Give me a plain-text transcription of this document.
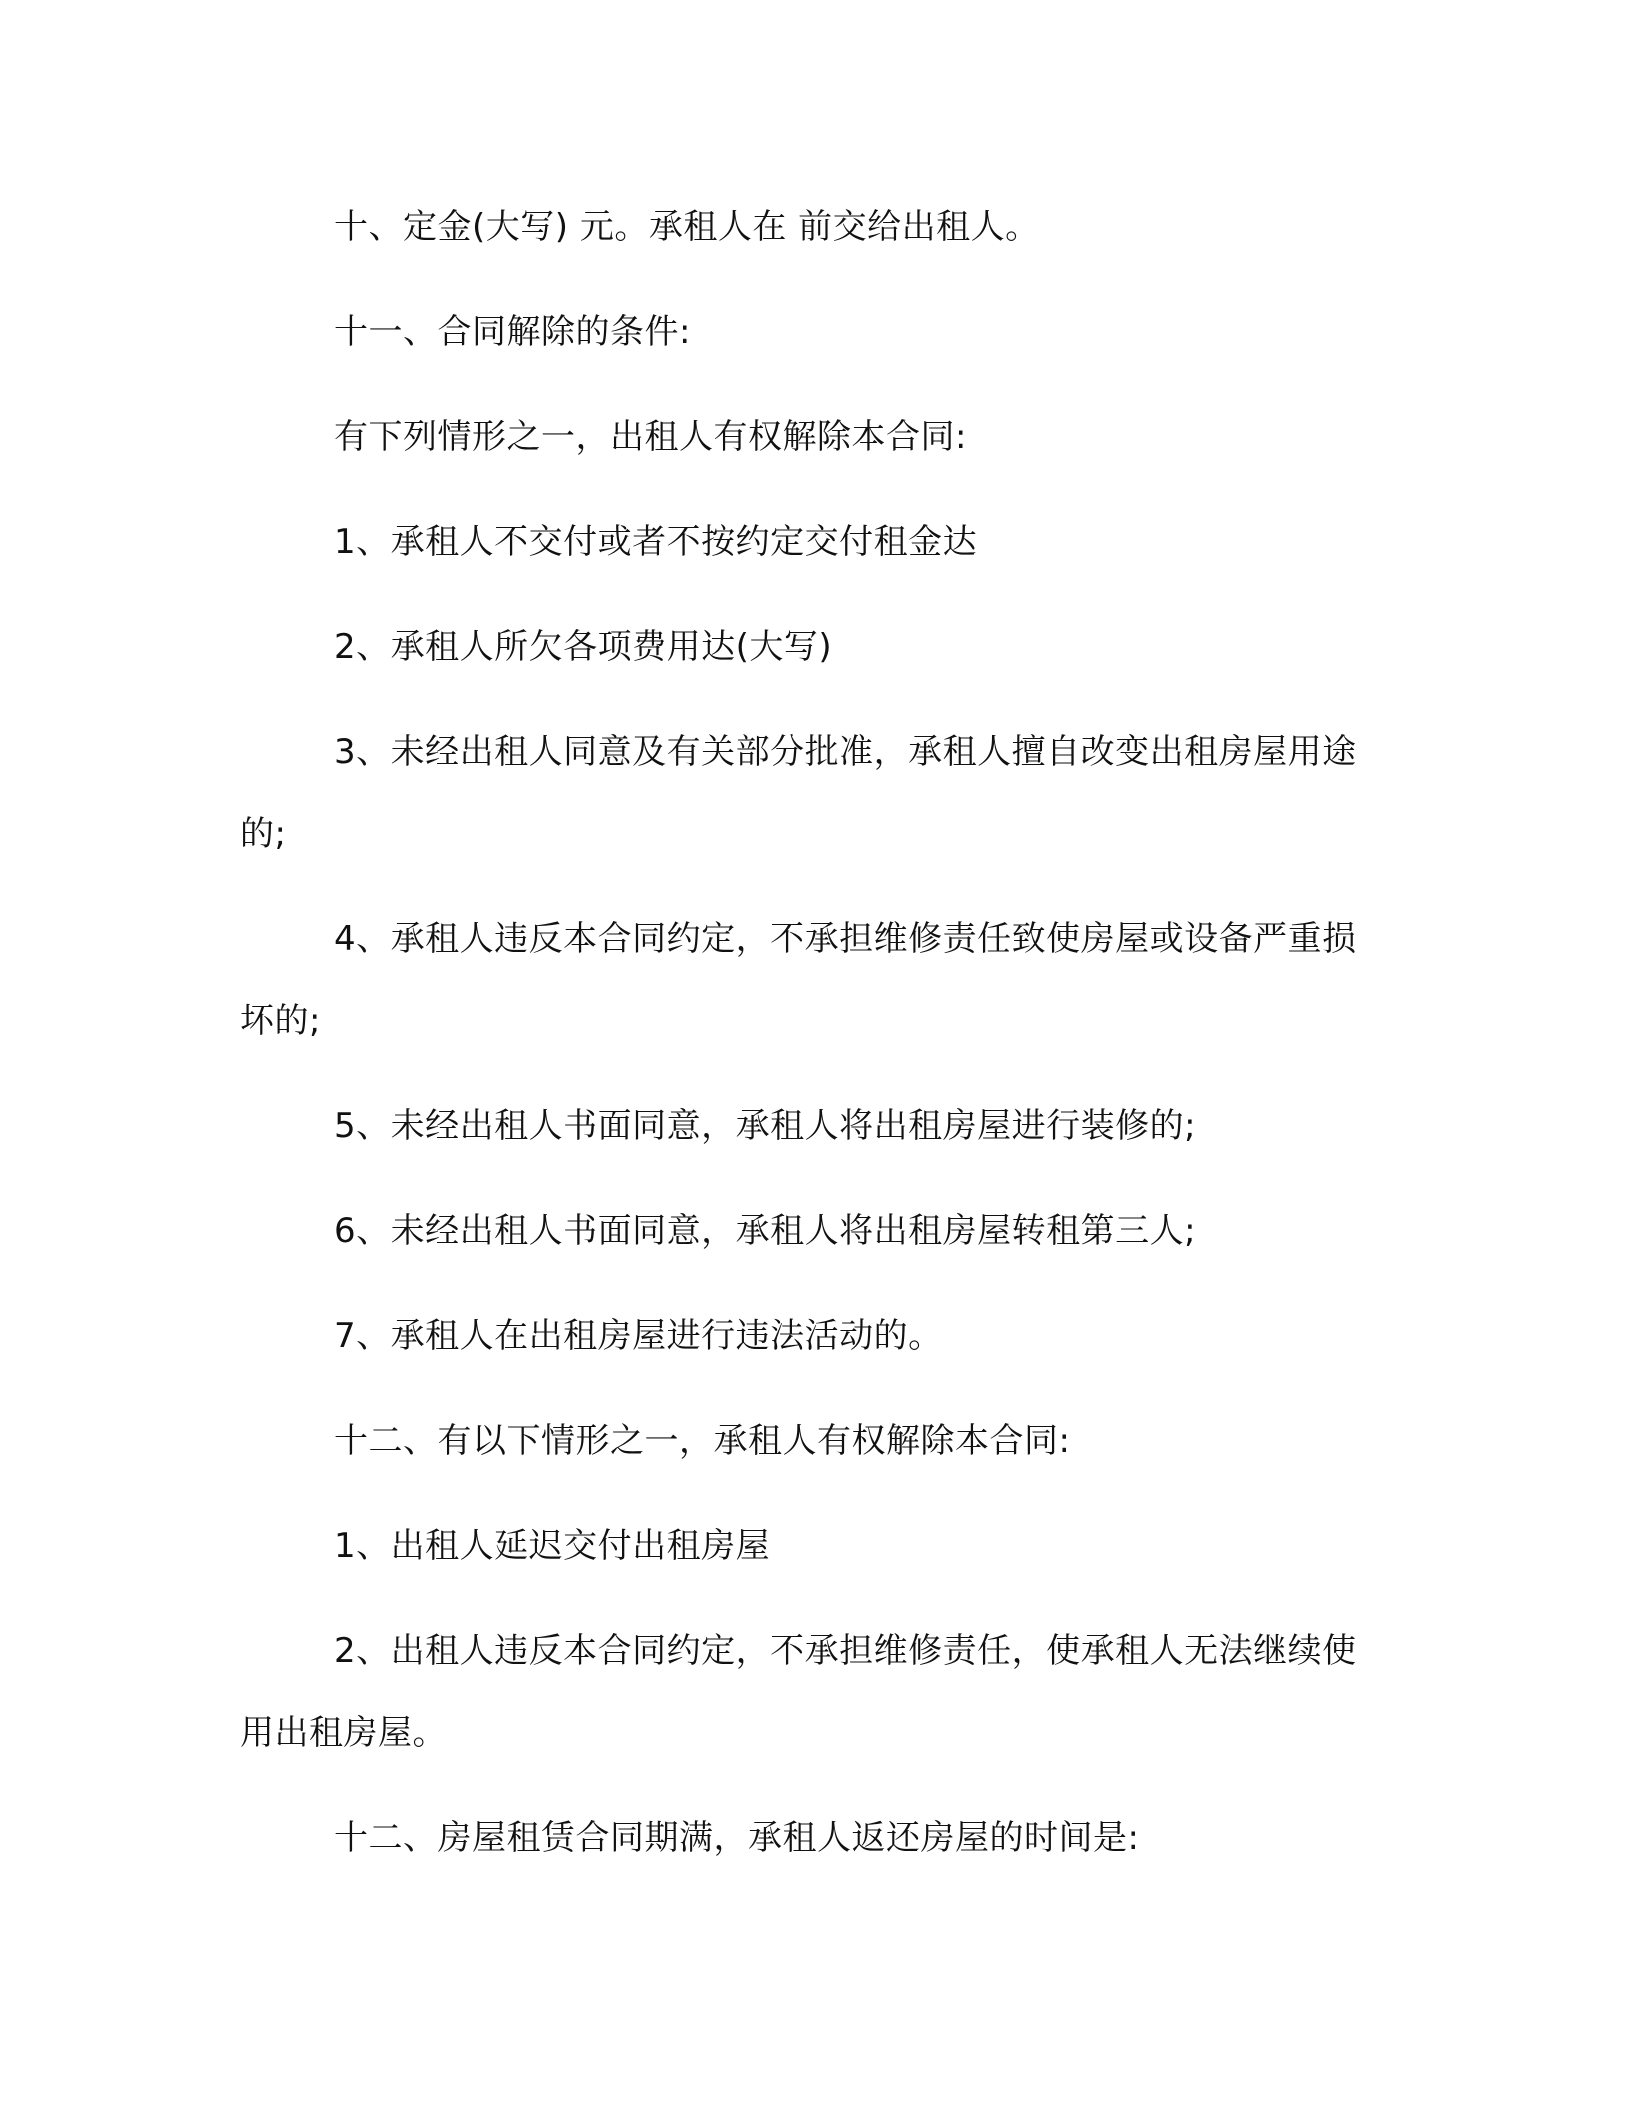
十、定金(大写) 元。承租人在 前交给出租人。

十一、合同解除的条件:

有下列情形之一，出租人有权解除本合同:

1、承租人不交付或者不按约定交付租金达

2、承租人所欠各项费用达(大写)

3、未经出租人同意及有关部分批准，承租人擅自改变出租房屋用途的;

4、承租人违反本合同约定，不承担维修责任致使房屋或设备严重损坏的;

5、未经出租人书面同意，承租人将出租房屋进行装修的;

6、未经出租人书面同意，承租人将出租房屋转租第三人;

7、承租人在出租房屋进行违法活动的。

十二、有以下情形之一，承租人有权解除本合同:

1、出租人延迟交付出租房屋

2、出租人违反本合同约定，不承担维修责任，使承租人无法继续使用出租房屋。

十二、房屋租赁合同期满，承租人返还房屋的时间是:
